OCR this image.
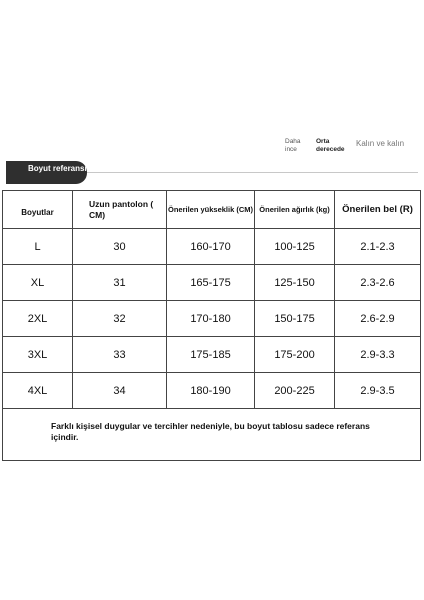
Daha ince
Orta derecede
Kalın ve kalın
Boyut referansı
Boyutlar	Uzun pantolon ( CM)	Önerilen yükseklik (CM)	Önerilen ağırlık (kg)	Önerilen bel (R)
L	30	160-170	100-125	2.1-2.3
XL	31	165-175	125-150	2.3-2.6
2XL	32	170-180	150-175	2.6-2.9
3XL	33	175-185	175-200	2.9-3.3
4XL	34	180-190	200-225	2.9-3.5
Farklı kişisel duygular ve tercihler nedeniyle, bu boyut tablosu sadece referans içindir.				
